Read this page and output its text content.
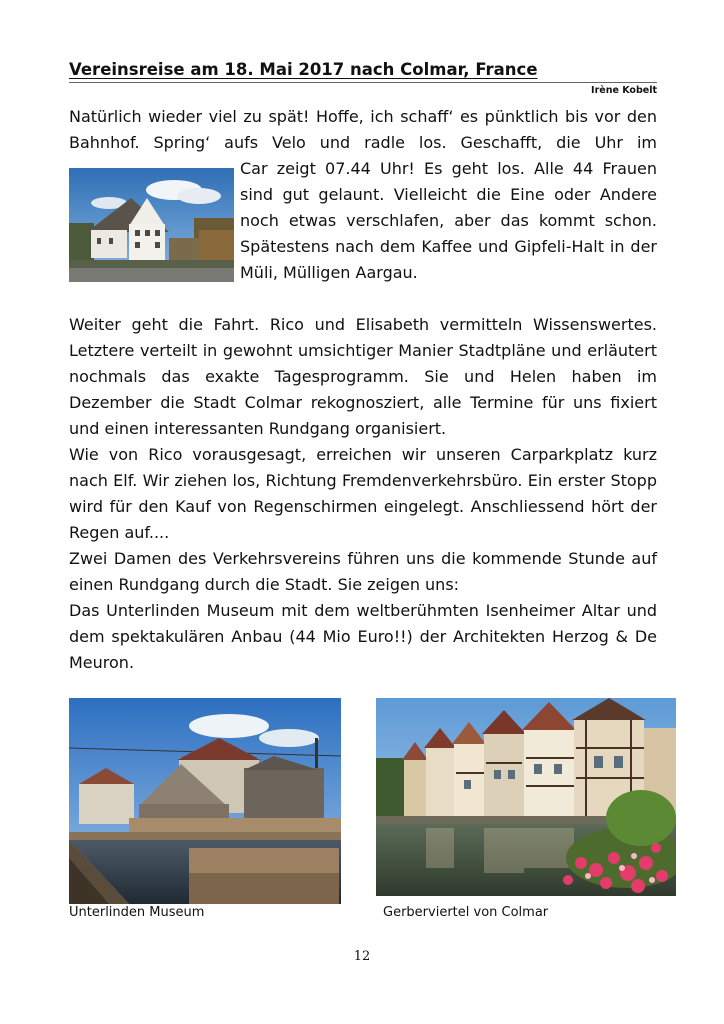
Vereinsreise am 18. Mai 2017 nach Colmar, France
Irène Kobelt

Natürlich wieder viel zu spät! Hoffe, ich schaff‘ es pünktlich bis vor den Bahnhof. Spring‘ aufs Velo und radle los. Geschafft, die Uhr im

Car zeigt 07.44 Uhr! Es geht los. Alle 44 Frauen sind gut gelaunt. Vielleicht die Eine oder Andere noch etwas verschlafen, aber das kommt schon. Spätestens nach dem Kaffee und Gipfeli-Halt in der Müli, Mülligen Aargau.

Weiter geht die Fahrt. Rico und Elisabeth vermitteln Wissenswertes. Letztere verteilt in gewohnt umsichtiger Manier Stadtpläne und erläutert nochmals das exakte Tagesprogramm. Sie und Helen haben im Dezember die Stadt Colmar rekognosziert, alle Termine für uns fixiert und einen interessanten Rundgang organisiert.
Wie von Rico vorausgesagt, erreichen wir unseren Carparkplatz kurz nach Elf. Wir ziehen los, Richtung Fremdenverkehrsbüro. Ein erster Stopp wird für den Kauf von Regenschirmen eingelegt. Anschliessend hört der Regen auf....
Zwei Damen des Verkehrsvereins führen uns die kommende Stunde auf einen Rundgang durch die Stadt. Sie zeigen uns:
Das Unterlinden Museum mit dem weltberühmten Isenheimer Altar und dem spektakulären Anbau (44 Mio Euro!!) der Architekten Herzog & De Meuron.
Unterlinden Museum	Gerberviertel von Colmar
12
